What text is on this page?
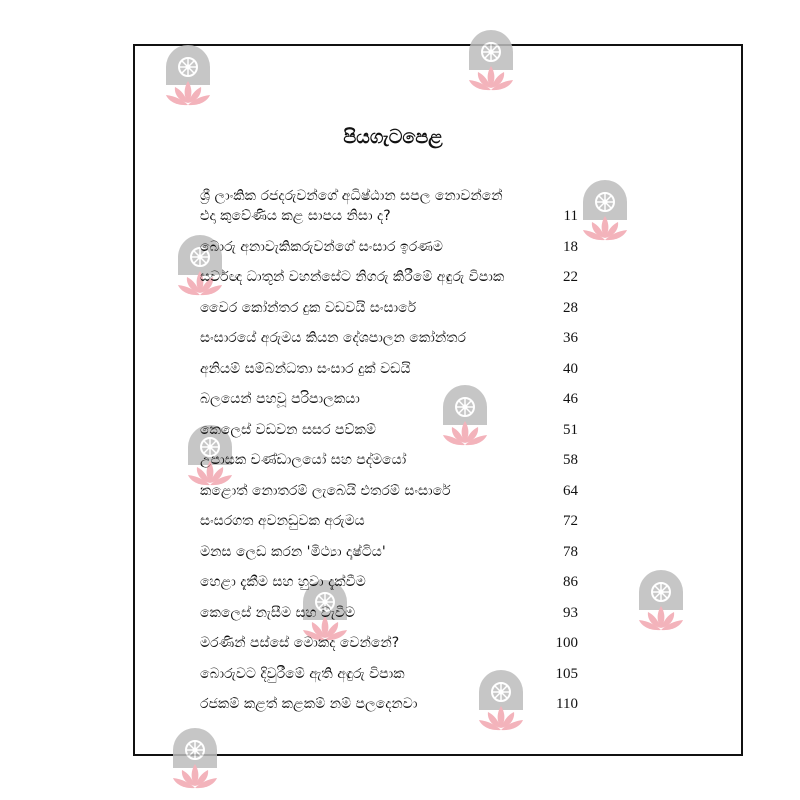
පියගැටපෙළ
ශ්‍රී ලාංකික රජදරුවන්ගේ අධිෂ්ඨාන සපල නොවන්නේ
එදා කුවේණිය කළ සාපය නිසා ද?	11
බොරු අනාවැකිකරුවන්ගේ සංසාර ඉරණම	18
සර්වඥ ධාතූන් වහන්සේට නිගරු කිරීමේ අඳුරු විපාක	22
වෛර කෝන්තර දුක වඩවයි සංසාරේ	28
සංසාරයේ අරුමය කියන දේශපාලන කෝන්තර	36
අනියම් සම්බන්ධතා සංසාර දුක් වඩයි	40
බලයෙන් පහවූ පරිපාලකයා	46
කෙලෙස් වඩවන සසර පව්කම්	51
උපාසක චණ්ඩාලයෝ සහ පද්මයෝ	58
කළොත් නොතරම් ලැබෙයි එතරම් සංසාරේ	64
සංසරගත අවනඩුවක අරුමය	72
මනස ලෙඩ කරන 'මිථ්‍යා දෘෂ්ටිය'	78
හෙළා දැකීම සහ හුවා දැක්වීම	86
කෙලෙස් නැසීම සහ වැවීම	93
මරණින් පස්සේ මොකද වෙන්නේ?	100
බොරුවට දිවුරීමේ ඇති අඳුරු විපාක	105
රජකම් කළත් කළකම් නම් පලදෙනවා	110
